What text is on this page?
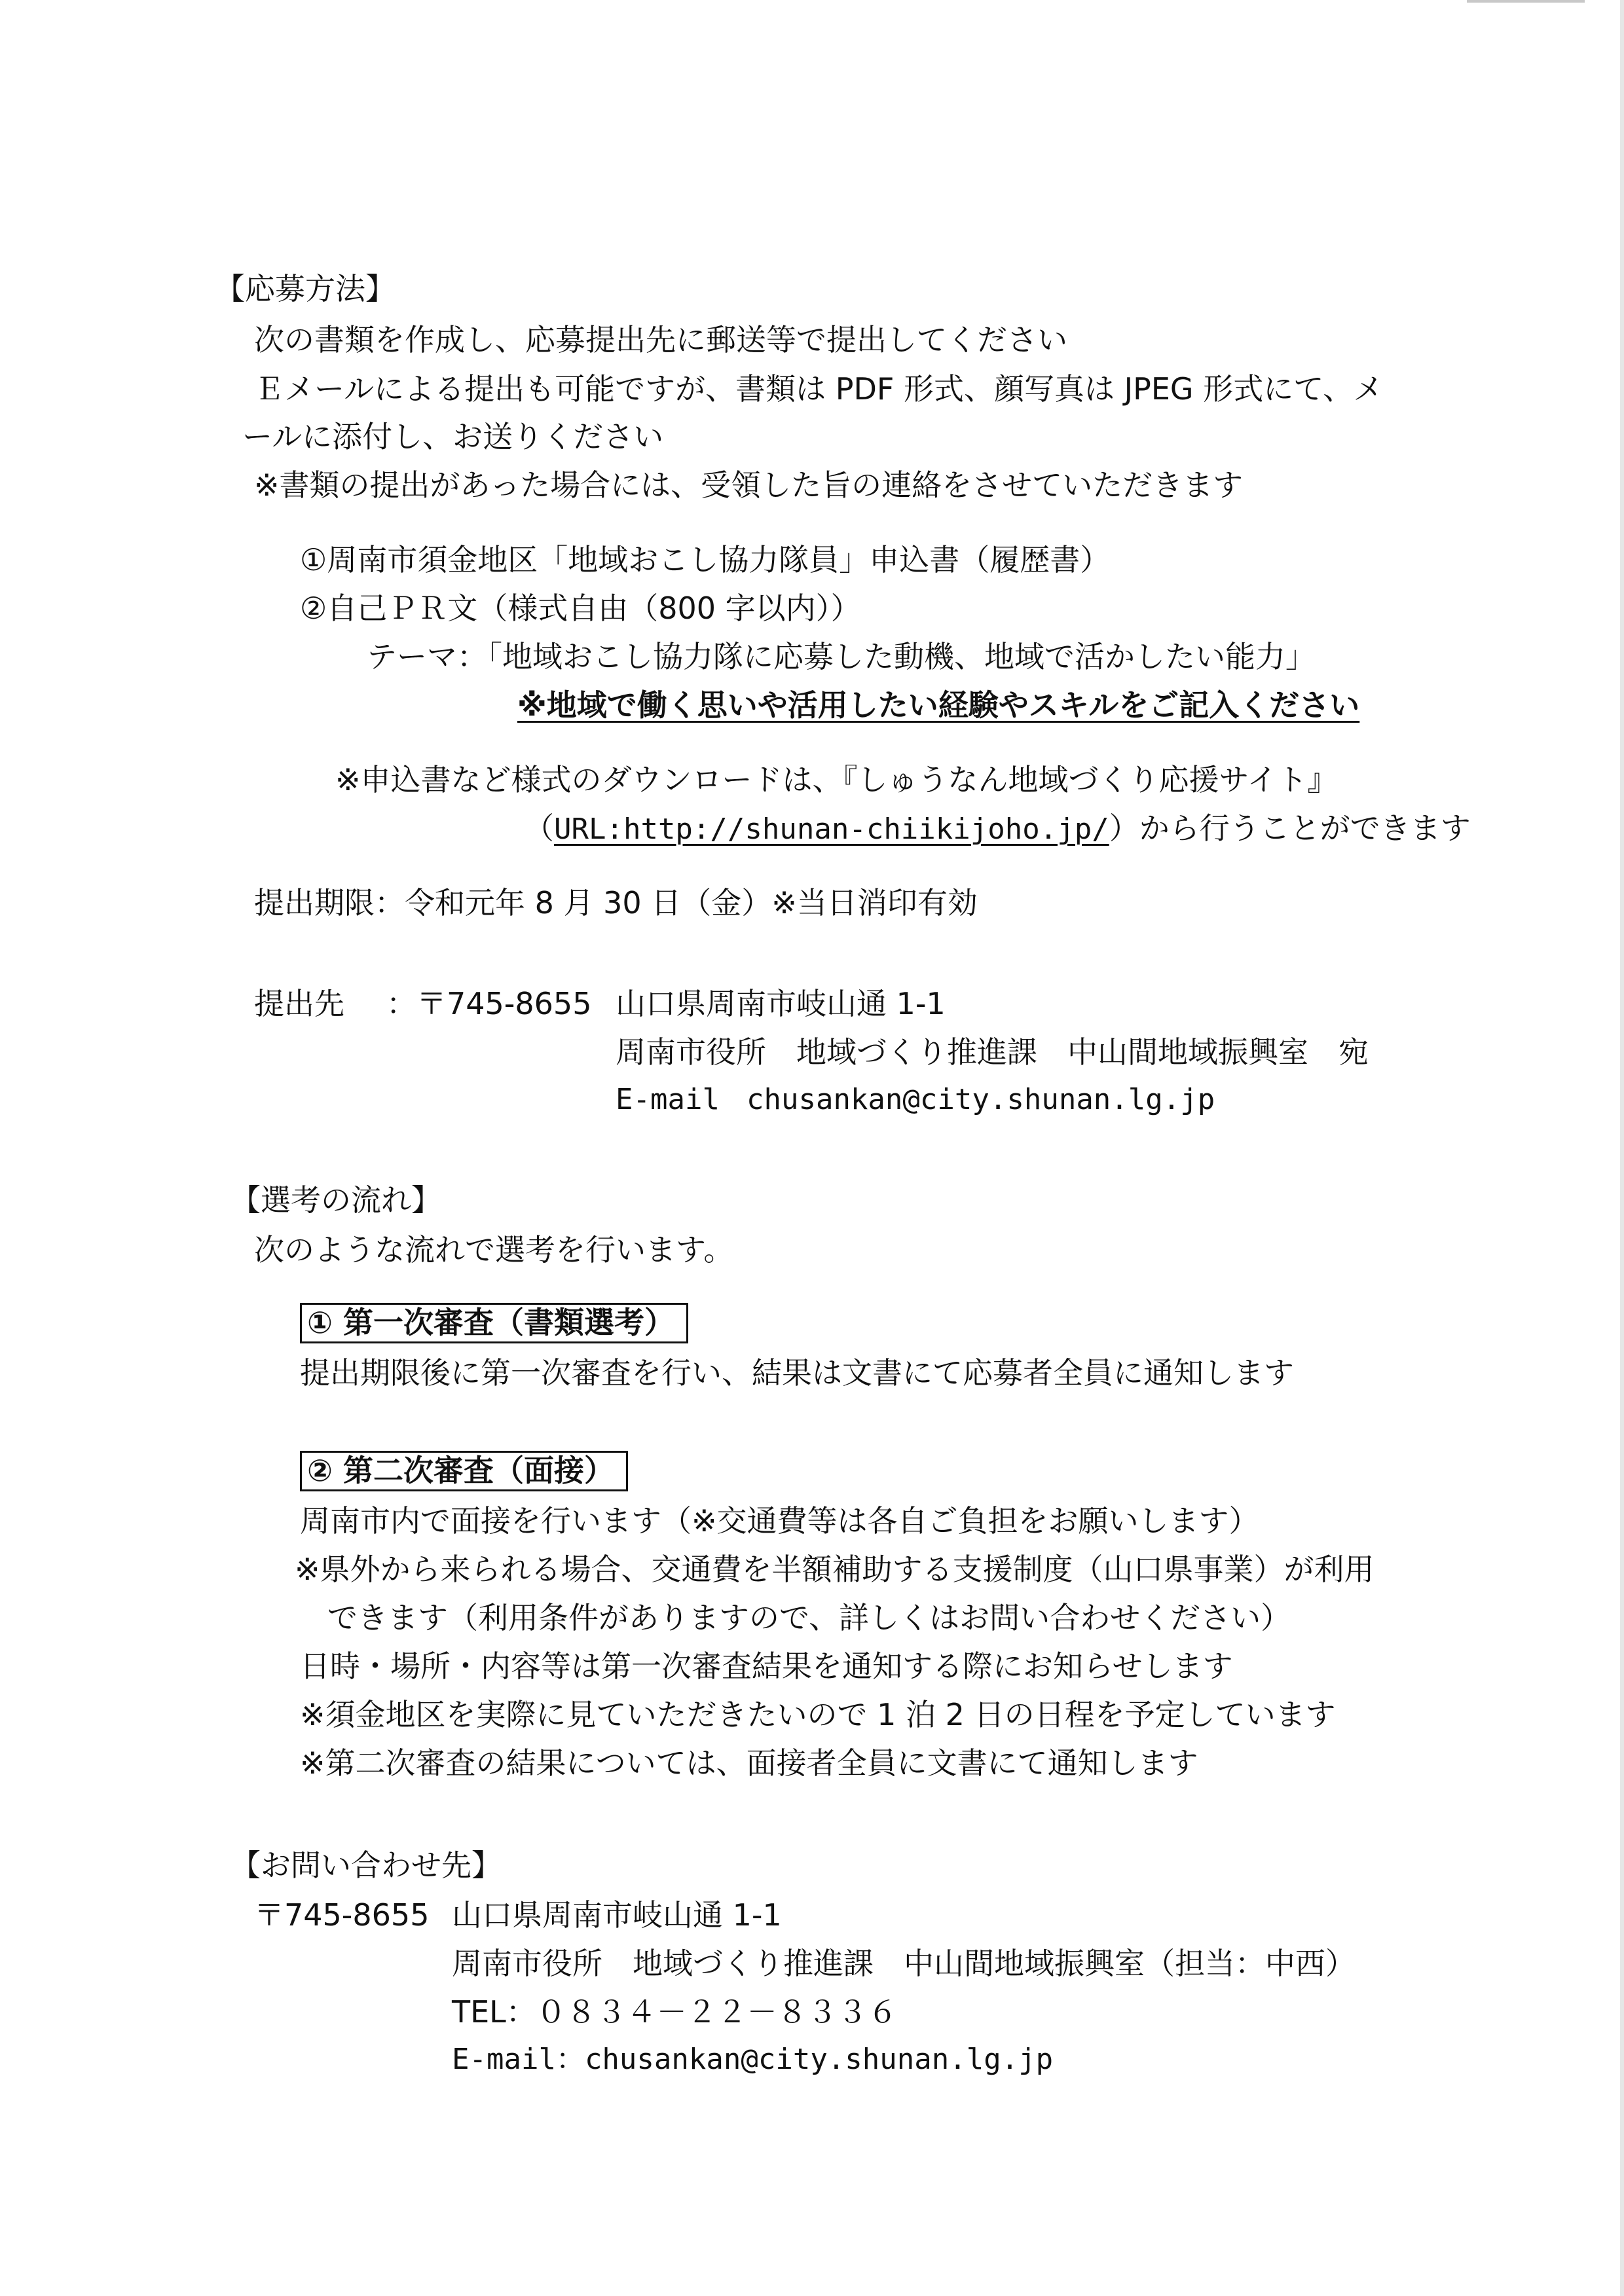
【応募方法】
次の書類を作成し、応募提出先に郵送等で提出してください
Ｅメールによる提出も可能ですが、書類は PDF 形式、顔写真は JPEG 形式にて、メ
ールに添付し、お送りください
※書類の提出があった場合には、受領した旨の連絡をさせていただきます
①周南市須金地区「地域おこし協力隊員」申込書（履歴書）
②自己ＰＲ文（様式自由（800 字以内））
テーマ：「地域おこし協力隊に応募した動機、地域で活かしたい能力」
※地域で働く思いや活用したい経験やスキルをご記入ください
※申込書など様式のダウンロードは、『しゅうなん地域づくり応援サイト』
（URL:http://shunan-chiikijoho.jp/）から行うことができます
提出期限：令和元年 8 月 30 日（金）※当日消印有効
提出先 ：〒745-8655 山口県周南市岐山通 1-1
周南市役所　地域づくり推進課　中山間地域振興室　宛
E-mail chusankan@city.shunan.lg.jp
【選考の流れ】
次のような流れで選考を行います。
① 第一次審査（書類選考）
提出期限後に第一次審査を行い、結果は文書にて応募者全員に通知します
② 第二次審査（面接）
周南市内で面接を行います（※交通費等は各自ご負担をお願いします）
※県外から来られる場合、交通費を半額補助する支援制度（山口県事業）が利用
できます（利用条件がありますので、詳しくはお問い合わせください）
日時・場所・内容等は第一次審査結果を通知する際にお知らせします
※須金地区を実際に見ていただきたいので 1 泊 2 日の日程を予定しています
※第二次審査の結果については、面接者全員に文書にて通知します
【お問い合わせ先】
〒745-8655 山口県周南市岐山通 1-1
周南市役所　地域づくり推進課　中山間地域振興室（担当：中西）
TEL：０８３４－２２－８３３６
E-mail：chusankan@city.shunan.lg.jp
